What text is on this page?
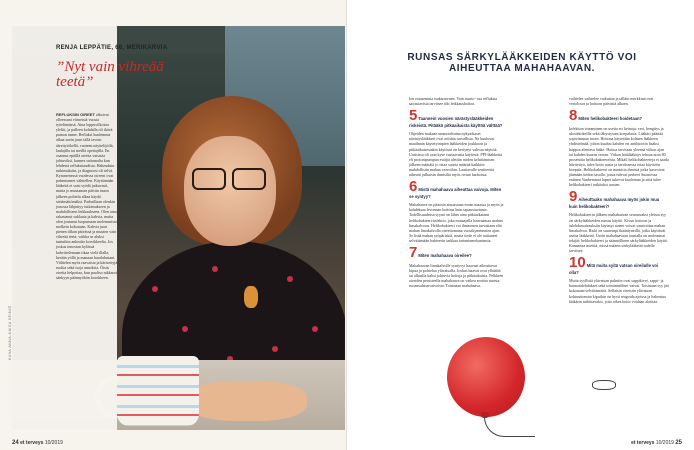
RENJA LEPPÄTIE, 66, MERIKARVIA
”Nyt vain vihreää teetä”
REFLUKSIN OIREET alkoivat olleessani viimeisiä vuosia työelämässä. Aina loppuvilkoista yleltti, ja palleen kohdalla oli ikävä painon tunne. Refluksi kuulemma alkaa usein juuri tällä tavoin äärettyiökellä, vuoteen näyttelijöilä, laulajilla tai meillä opettajilla. En osannut epäillä oireita vatsasta johtuviksi, kunnes sattumalta kun lehdestä refluksitaudista. Hakeuduin tutkimuksiin, ja diagnoosi oli selvä. Kymmenessä vuodessa oireeni ovat pahentuneet vähitellen. Käyttämään lääkettä ei saisi syödä jatkuvasti, mutta jo muutaman päivän tauon jälkeen polttelu alkaa käydä sietämättömäksi. Parhaillaan olenkin jonossa lähjuttyy tutkimukseen ja mahdolliseen leikkaukseen. Olen aina rakastanut suklaata ja kahvia, mutta olen joutunut luopumaan molemmista melkein kokonaan. Kahvia juon pienen tilkan päivässä ja muuten vain vihreää teetä, vaikka se aluksi tuntuikin ankealta korvikkeelta. Jos joskus innostun kyläsuä kahvittelemaan tikaa vielä illalla, herään yöllä ja manaan harahdustani. Välttelen myös raavaisia ja kärisettyjä ruokia sekä isoja annoksia. Öisin oireita helpottaa, kun puoliso nikkaroi sänkyyn päännyökön korokkeen.
KUVA ANNA-KAISA SEINIÖ
24 et terveys 10/2019
RUNSAS SÄRKYLÄÄKKEIDEN KÄYTTÖ VOI AIHEUTTAA MAHAHAAVAN.

lon reaaseninta tsukaratvuen. Vain murto- osa refluksia sairastavista tarvitsee tiltt leikkaushoitoa.

5 Taannein vuosien närästyslääkkeiden riskeistä. Pitääkö pitkäaikaista käyttöä välttää?

Ohjeiden mukaan ummoteltuina nykyaikaset närästyslääkkeet ovat erittäin turvallisia. Ne kuuluvat maailman käytetyimpien lääkkeiden joukkoon ja pitkäaikaisestakin käytöstä on kertynyt vahvaa näyttöä. Uutisissa oli osin kyse vastaavasta käytöstä. PPI-lääkkeitä eli protonipumpun estäjiä alettiin niiden kehittämisen jälkeen määrätä jo ottaa suurta määrää kaikkiin mahdollisiin mahan vaivoihin. Lauttavalle sentiteettä aiheutti julkaisin ihmisiltä myös rivuat harhoista.

6 Mistä mahahaava aiheuttaa vaivoja. Miten se syntyy?

Mahahaava on pääosin ainoastaan moan maassa ja myös ja kahdeksaa levonnan hoitona kuin tapaustuotanto. Todellisuudessa syynä on lähes aina pitkäaikainen helikobakteeri-infektio, joka mutaajalla haavaamaa mahan limakalvoon. Helikobakteeri voi ilmmenen turvattaan eliä mahan limakalvolla oireettomana vuosikymmenien ajan. Se lisää mahan syöpäriskiä, mutta tiede ei ole uuttaneet selvittämään bakteerin tarkkaa tartuntamekanismia.

7 Miten mahahaava oireilee?

Mahahaavan limakalvolle syntyvyt haavaat aiheuttavat kipua ja polttelua ylävatsalla. Joskus haavat ovat ylhäältä tai alhaalla kaksi johtuvia hoitoja ja pitkäaikaisia. Pelkkien oireiden perusteella mahahaava on vaikea erottaa muista ruoansulatusvaivoista. Toisinaan mahahaava.

vaihtelee vaihtelee vaikuttaa ja tälläin merkkinä ovat veriolosot ja hoitoon päivästä alkaen.

8 Miten helikobakteeri hoidetaan?

Infektion toteaminen on useita eri keinoja: veri, hengitys ja ulostekokeilla sekä tähystysten koepalasta. Lääkäri päättää sopivimman tavan. Hoitona käytetään kolmen lääkkeen yhdistelmää, johon kuuluu kahden eri antibiootin lisäksi happoa alentava lääke. Hoitoa tarvitaan yleensä viikon ajan tai kahden kuurin verran. Viikon hätälääkitys tehoaa noin 80 prosenttia helikobakteereista. Mikäli helikobakteereja ei saada hävitettyä, tulee hoito uusia ja tarvittaessa ottaa käyttöön koepala. Helikobakteeri on mmuttia ihmisiä jotka kasvoivat jäämään tiedon tasolla, joista tulevat perheet Suomessa entinen Vanhemmat lapset tukevat kuoleman ja siitä tulee helikobakteeri tutkituksi uusien.

9 Aiheuttaako mahahaava myös jokin muu kuin helikobakteeri?

Helikobakteerin jälkeen mahahaavan seuraavaksi yleisin syy on särkylääkkeiden runsas käyttö. Kivun hoitoon ja tulehdussairauksiin käytetyt aineet voivat vaurioittaa mahan limakalvoa. Riski on suurempi ikääntyneillä, jotka käyttävät useita lääkkeitä. Usein mahahaavaan taustalla on molemmat tekijät: helikobakteeri ja säännöllinen särkylääkkeiden käyttö. Kannattaa miettiä, missä määrin särkylääkettä todella tarvitsee.

10 Mitä muita syitä vatsan oireilulle voi olla?

Muita syyllisiä ylävatsan pulmiin ovat sappikivet, sappi- ja haimatulehdukset sekä toiminnalliset vaivat. Toisinaan syy jää kokonaan selvittämättä. Sellaisin oireisiin ylävatsan kohtuuttomiin kipuihin on hyvä reagoida ajoissa ja hakeutua lääkärin tutkittavaksi, jotta oikea hoito voidaan aloittaa.

et terveys 10/2019 25
